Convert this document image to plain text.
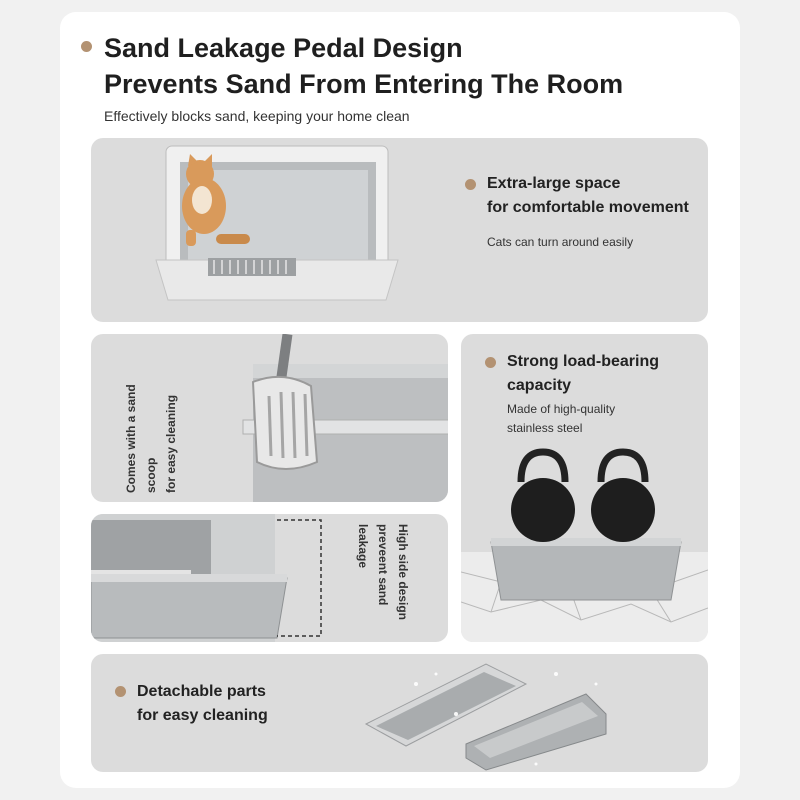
Sand Leakage Pedal Design
Prevents Sand From Entering The Room
Effectively blocks sand, keeping your home clean
Extra-large space
for comfortable movement
Cats can turn around easily
Comes with a sand scoop for easy cleaning
Strong load-bearing
capacity
Made of high-quality
stainless steel
High side design
preveent sand leakage
Detachable parts
for easy cleaning
